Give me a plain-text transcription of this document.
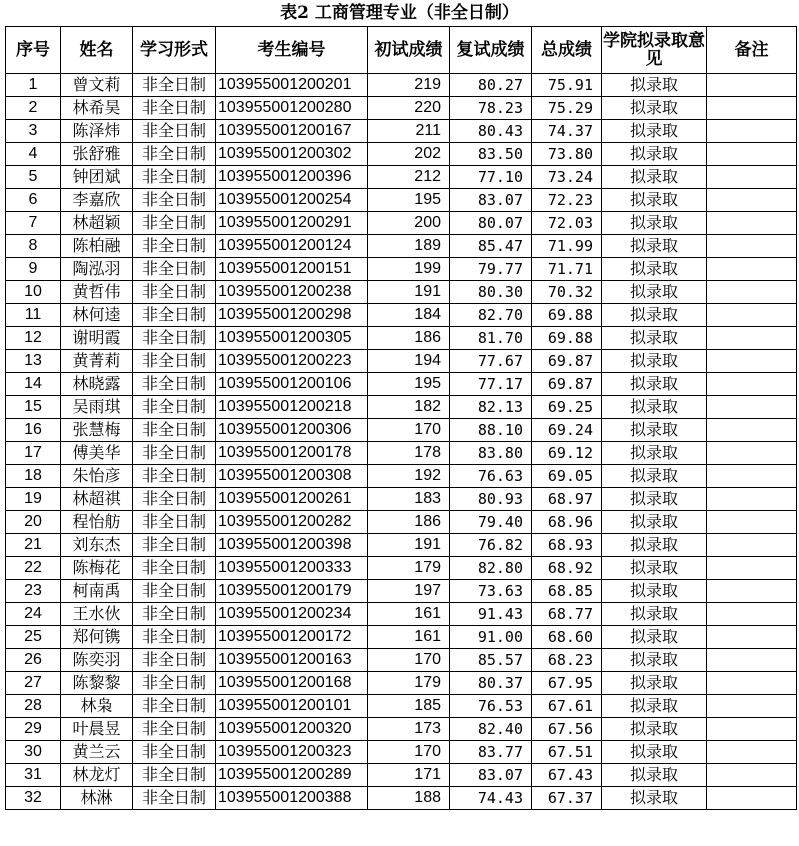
表2 工商管理专业（非全日制）
序号	姓名	学习形式	考生编号	初试成绩	复试成绩	总成绩	学院拟录取意见	备注
1	曾文莉	非全日制	103955001200201	219	80.27	75.91	拟录取	
2	林希昊	非全日制	103955001200280	220	78.23	75.29	拟录取	
3	陈泽炜	非全日制	103955001200167	211	80.43	74.37	拟录取	
4	张舒雅	非全日制	103955001200302	202	83.50	73.80	拟录取	
5	钟团斌	非全日制	103955001200396	212	77.10	73.24	拟录取	
6	李嘉欣	非全日制	103955001200254	195	83.07	72.23	拟录取	
7	林超颖	非全日制	103955001200291	200	80.07	72.03	拟录取	
8	陈柏融	非全日制	103955001200124	189	85.47	71.99	拟录取	
9	陶泓羽	非全日制	103955001200151	199	79.77	71.71	拟录取	
10	黄哲伟	非全日制	103955001200238	191	80.30	70.32	拟录取	
11	林何逵	非全日制	103955001200298	184	82.70	69.88	拟录取	
12	谢明霞	非全日制	103955001200305	186	81.70	69.88	拟录取	
13	黄菁莉	非全日制	103955001200223	194	77.67	69.87	拟录取	
14	林晓露	非全日制	103955001200106	195	77.17	69.87	拟录取	
15	吴雨琪	非全日制	103955001200218	182	82.13	69.25	拟录取	
16	张慧梅	非全日制	103955001200306	170	88.10	69.24	拟录取	
17	傅美华	非全日制	103955001200178	178	83.80	69.12	拟录取	
18	朱怡彦	非全日制	103955001200308	192	76.63	69.05	拟录取	
19	林超祺	非全日制	103955001200261	183	80.93	68.97	拟录取	
20	程怡舫	非全日制	103955001200282	186	79.40	68.96	拟录取	
21	刘东杰	非全日制	103955001200398	191	76.82	68.93	拟录取	
22	陈梅花	非全日制	103955001200333	179	82.80	68.92	拟录取	
23	柯南禹	非全日制	103955001200179	197	73.63	68.85	拟录取	
24	王水伙	非全日制	103955001200234	161	91.43	68.77	拟录取	
25	郑何镌	非全日制	103955001200172	161	91.00	68.60	拟录取	
26	陈奕羽	非全日制	103955001200163	170	85.57	68.23	拟录取	
27	陈黎黎	非全日制	103955001200168	179	80.37	67.95	拟录取	
28	林枭	非全日制	103955001200101	185	76.53	67.61	拟录取	
29	叶晨昱	非全日制	103955001200320	173	82.40	67.56	拟录取	
30	黄兰云	非全日制	103955001200323	170	83.77	67.51	拟录取	
31	林龙灯	非全日制	103955001200289	171	83.07	67.43	拟录取	
32	林淋	非全日制	103955001200388	188	74.43	67.37	拟录取	
